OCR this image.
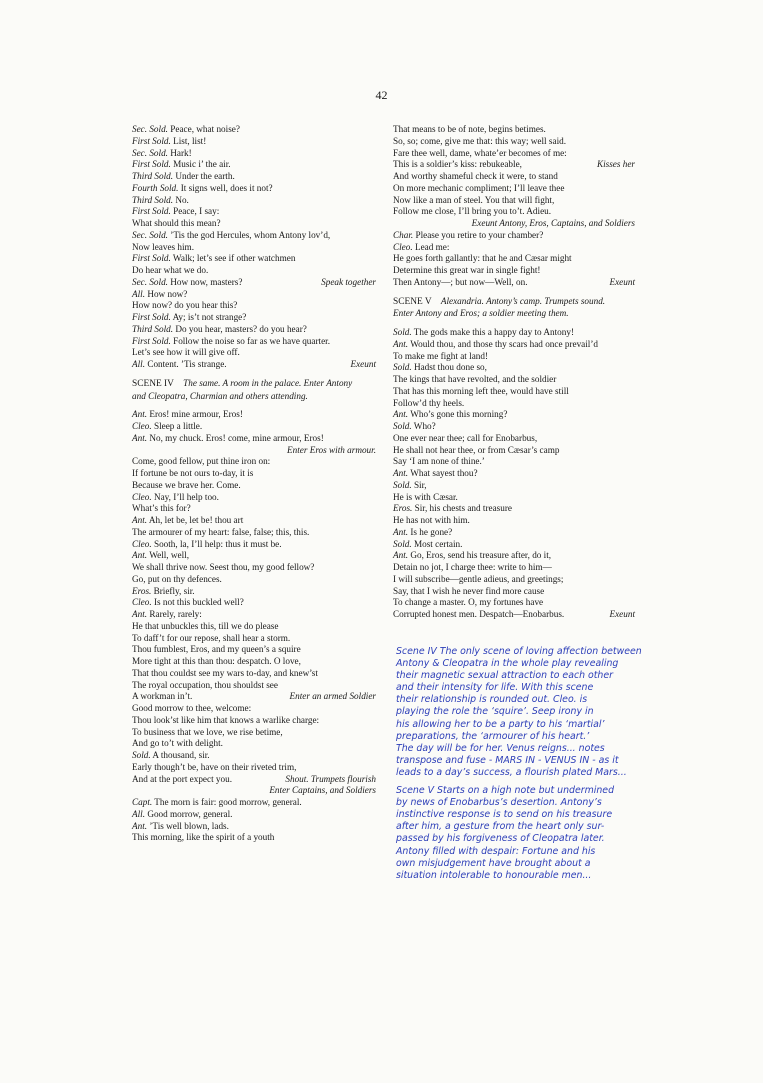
42
Sec. Sold. Peace, what noise?
First Sold. List, list!
Sec. Sold. Hark!
First Sold. Music i’ the air.
Third Sold. Under the earth.
Fourth Sold. It signs well, does it not?
Third Sold. No.
First Sold. Peace, I say:
What should this mean?
Sec. Sold. ’Tis the god Hercules, whom Antony lov’d,
Now leaves him.
First Sold. Walk; let’s see if other watchmen
Do hear what we do.
Sec. Sold. How now, masters?	Speak together
All. How now?
How now? do you hear this?
First Sold. Ay; is’t not strange?
Third Sold. Do you hear, masters? do you hear?
First Sold. Follow the noise so far as we have quarter.
Let’s see how it will give off.
All. Content. ’Tis strange.	Exeunt
SCENE IV  The same. A room in the palace. Enter Antony
and Cleopatra, Charmian and others attending.
Ant. Eros! mine armour, Eros!
Cleo. Sleep a little.
Ant. No, my chuck. Eros! come, mine armour, Eros!
Enter Eros with armour.
Come, good fellow, put thine iron on:
If fortune be not ours to-day, it is
Because we brave her. Come.
Cleo. Nay, I’ll help too.
What’s this for?
Ant. Ah, let be, let be! thou art
The armourer of my heart: false, false; this, this.
Cleo. Sooth, la, I’ll help: thus it must be.
Ant. Well, well,
We shall thrive now. Seest thou, my good fellow?
Go, put on thy defences.
Eros. Briefly, sir.
Cleo. Is not this buckled well?
Ant. Rarely, rarely:
He that unbuckles this, till we do please
To daff’t for our repose, shall hear a storm.
Thou fumblest, Eros, and my queen’s a squire
More tight at this than thou: despatch. O love,
That thou couldst see my wars to-day, and knew’st
The royal occupation, thou shouldst see
A workman in’t.	Enter an armed Soldier
Good morrow to thee, welcome:
Thou look’st like him that knows a warlike charge:
To business that we love, we rise betime,
And go to’t with delight.
Sold. A thousand, sir.
Early though’t be, have on their riveted trim,
And at the port expect you.	Shout. Trumpets flourish
Enter Captains, and Soldiers
Capt. The morn is fair: good morrow, general.
All. Good morrow, general.
Ant. ’Tis well blown, lads.
This morning, like the spirit of a youth
That means to be of note, begins betimes.
So, so; come, give me that: this way; well said.
Fare thee well, dame, whate’er becomes of me:
This is a soldier’s kiss: rebukeable,	Kisses her
And worthy shameful check it were, to stand
On more mechanic compliment; I’ll leave thee
Now like a man of steel. You that will fight,
Follow me close, I’ll bring you to’t. Adieu.
Exeunt Antony, Eros, Captains, and Soldiers
Char. Please you retire to your chamber?
Cleo. Lead me:
He goes forth gallantly: that he and Cæsar might
Determine this great war in single fight!
Then Antony—; but now—Well, on.	Exeunt
SCENE V  Alexandria. Antony’s camp. Trumpets sound.
Enter Antony and Eros; a soldier meeting them.
Sold. The gods make this a happy day to Antony!
Ant. Would thou, and those thy scars had once prevail’d
To make me fight at land!
Sold. Hadst thou done so,
The kings that have revolted, and the soldier
That has this morning left thee, would have still
Follow’d thy heels.
Ant. Who’s gone this morning?
Sold. Who?
One ever near thee; call for Enobarbus,
He shall not hear thee, or from Cæsar’s camp
Say ‘I am none of thine.’
Ant. What sayest thou?
Sold. Sir,
He is with Cæsar.
Eros. Sir, his chests and treasure
He has not with him.
Ant. Is he gone?
Sold. Most certain.
Ant. Go, Eros, send his treasure after, do it,
Detain no jot, I charge thee: write to him—
I will subscribe—gentle adieus, and greetings;
Say, that I wish he never find more cause
To change a master. O, my fortunes have
Corrupted honest men. Despatch—Enobarbus.	Exeunt
Scene IV The only scene of loving affection between
Antony & Cleopatra in the whole play revealing
their magnetic sexual attraction to each other
and their intensity for life. With this scene
their relationship is rounded out. Cleo. is
playing the role the ‘squire’. Seep irony in
his allowing her to be a party to his ‘martial’
preparations, the ‘armourer of his heart.’
The day will be for her. Venus reigns... notes
transpose and fuse - MARS IN - VENUS IN - as it
leads to a day’s success, a flourish plated Mars...
Scene V Starts on a high note but undermined
by news of Enobarbus’s desertion. Antony’s
instinctive response is to send on his treasure
after him, a gesture from the heart only sur-
passed by his forgiveness of Cleopatra later.
Antony filled with despair: Fortune and his
own misjudgement have brought about a
situation intolerable to honourable men...
